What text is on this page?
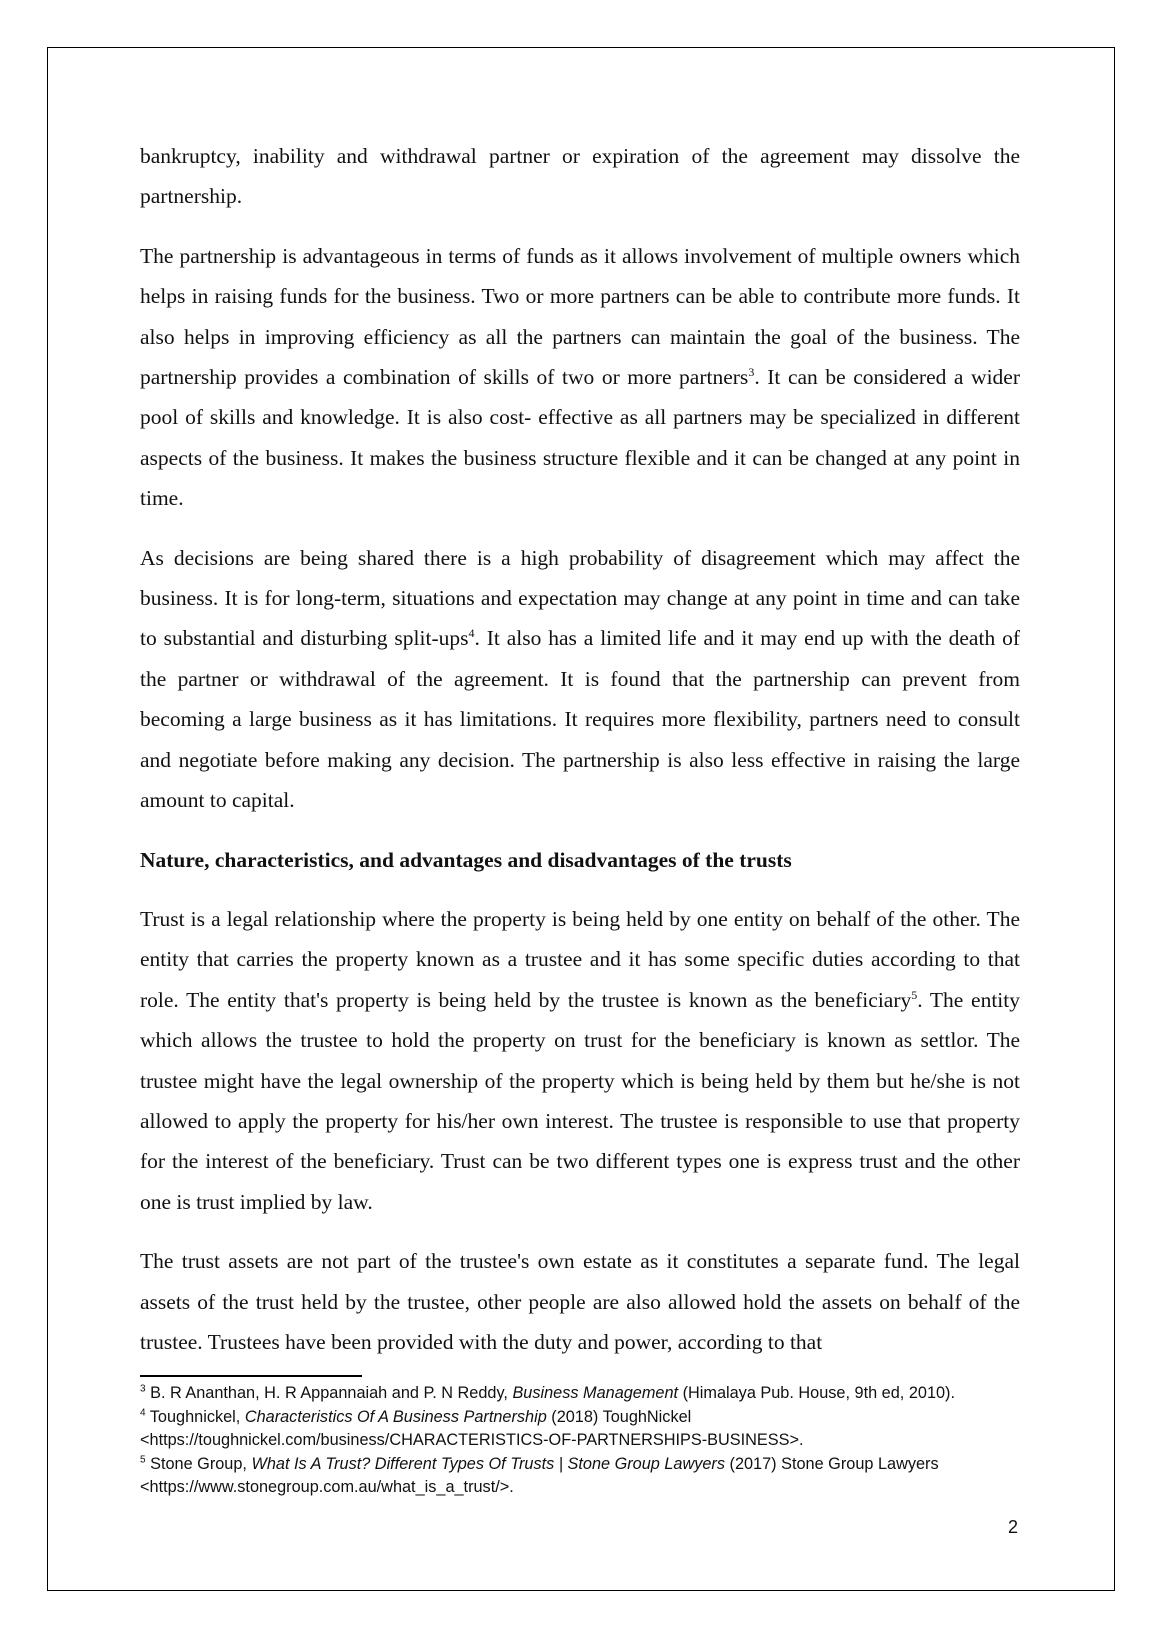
bankruptcy, inability and withdrawal partner or expiration of the agreement may dissolve the partnership.

The partnership is advantageous in terms of funds as it allows involvement of multiple owners which helps in raising funds for the business. Two or more partners can be able to contribute more funds. It also helps in improving efficiency as all the partners can maintain the goal of the business. The partnership provides a combination of skills of two or more partners$^3$. It can be considered a wider pool of skills and knowledge. It is also cost- effective as all partners may be specialized in different aspects of the business. It makes the business structure flexible and it can be changed at any point in time.

As decisions are being shared there is a high probability of disagreement which may affect the business. It is for long-term, situations and expectation may change at any point in time and can take to substantial and disturbing split-ups$^4$. It also has a limited life and it may end up with the death of the partner or withdrawal of the agreement. It is found that the partnership can prevent from becoming a large business as it has limitations. It requires more flexibility, partners need to consult and negotiate before making any decision. The partnership is also less effective in raising the large amount to capital.

Nature, characteristics, and advantages and disadvantages of the trusts

Trust is a legal relationship where the property is being held by one entity on behalf of the other. The entity that carries the property known as a trustee and it has some specific duties according to that role. The entity that's property is being held by the trustee is known as the beneficiary$^5$. The entity which allows the trustee to hold the property on trust for the beneficiary is known as settlor. The trustee might have the legal ownership of the property which is being held by them but he/she is not allowed to apply the property for his/her own interest. The trustee is responsible to use that property for the interest of the beneficiary. Trust can be two different types one is express trust and the other one is trust implied by law.

The trust assets are not part of the trustee's own estate as it constitutes a separate fund. The legal assets of the trust held by the trustee, other people are also allowed hold the assets on behalf of the trustee. Trustees have been provided with the duty and power, according to that

$^3$ B. R Ananthan, H. R Appannaiah and P. N Reddy, Business Management (Himalaya Pub. House, 9th ed, 2010).
$^4$ Toughnickel, Characteristics Of A Business Partnership (2018) ToughNickel
<https://toughnickel.com/business/CHARACTERISTICS-OF-PARTNERSHIPS-BUSINESS>.
$^5$ Stone Group, What Is A Trust? Different Types Of Trusts | Stone Group Lawyers (2017) Stone Group Lawyers
<https://www.stonegroup.com.au/what_is_a_trust/>.
2
